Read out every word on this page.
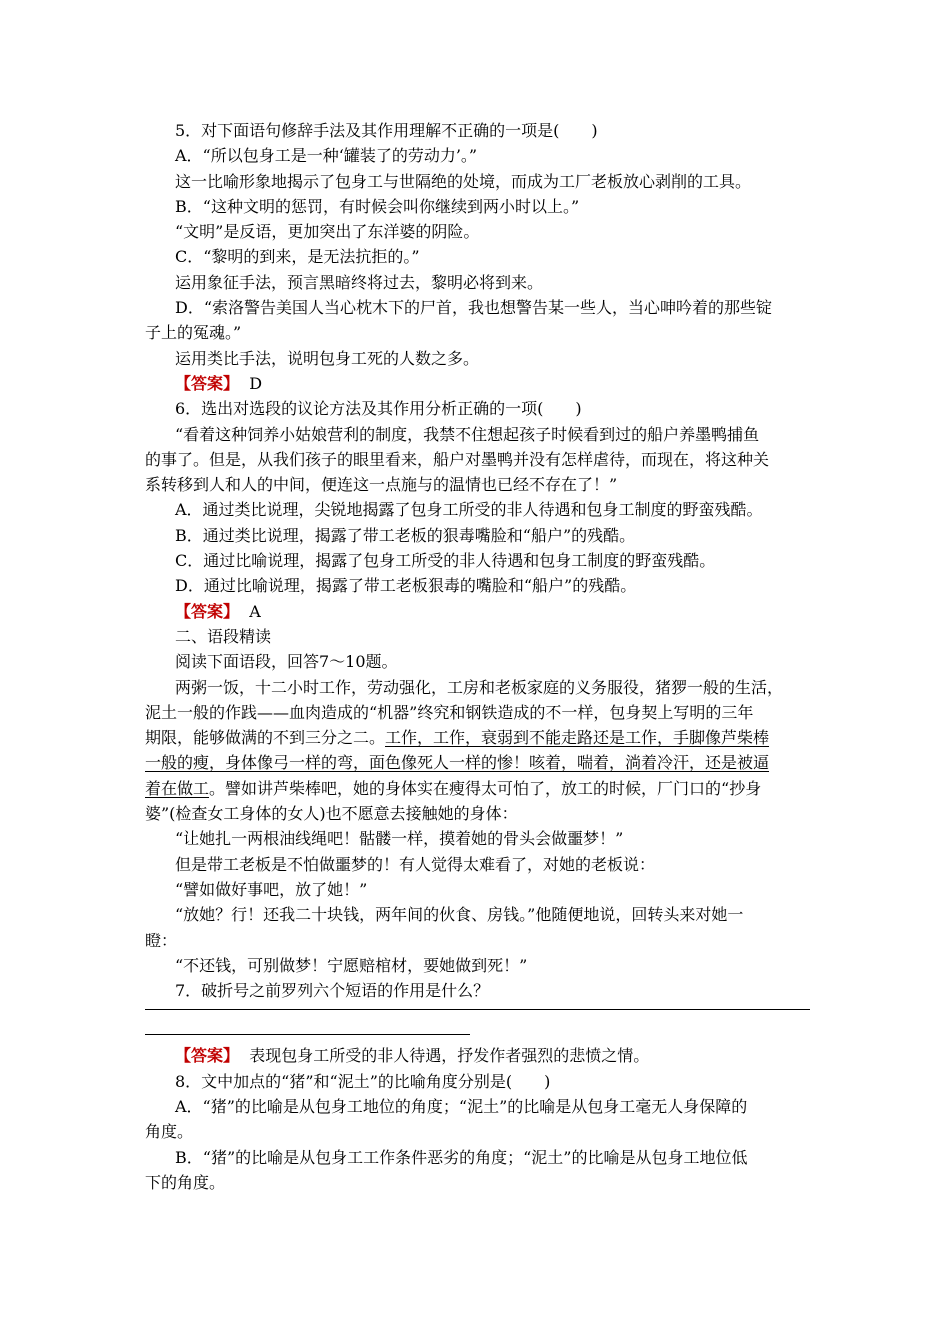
5．对下面语句修辞手法及其作用理解不正确的一项是(　　)
A．“所以包身工是一种‘罐装了的劳动力’。”
这一比喻形象地揭示了包身工与世隔绝的处境，而成为工厂老板放心剥削的工具。
B．“这种文明的惩罚，有时候会叫你继续到两小时以上。”
“文明”是反语，更加突出了东洋婆的阴险。
C．“黎明的到来，是无法抗拒的。”
运用象征手法，预言黑暗终将过去，黎明必将到来。
D．“索洛警告美国人当心枕木下的尸首，我也想警告某一些人，当心呻吟着的那些锭
子上的冤魂。”
运用类比手法，说明包身工死的人数之多。
【答案】 D
6．选出对选段的议论方法及其作用分析正确的一项(　　)
“看着这种饲养小姑娘营利的制度，我禁不住想起孩子时候看到过的船户养墨鸭捕鱼
的事了。但是，从我们孩子的眼里看来，船户对墨鸭并没有怎样虐待，而现在，将这种关
系转移到人和人的中间，便连这一点施与的温情也已经不存在了！”
A．通过类比说理，尖锐地揭露了包身工所受的非人待遇和包身工制度的野蛮残酷。
B．通过类比说理，揭露了带工老板的狠毒嘴脸和“船户”的残酷。
C．通过比喻说理，揭露了包身工所受的非人待遇和包身工制度的野蛮残酷。
D．通过比喻说理，揭露了带工老板狠毒的嘴脸和“船户”的残酷。
【答案】 A
二、语段精读
阅读下面语段，回答7～10题。
两粥一饭，十二小时工作，劳动强化，工房和老板家庭的义务服役，猪猡一般的生活，
泥土一般的作践——血肉造成的“机器”终究和钢铁造成的不一样，包身契上写明的三年
期限，能够做满的不到三分之二。工作，工作，衰弱到不能走路还是工作，手脚像芦柴棒
一般的瘦，身体像弓一样的弯，面色像死人一样的惨！咳着，喘着，淌着冷汗，还是被逼
着在做工。譬如讲芦柴棒吧，她的身体实在瘦得太可怕了，放工的时候，厂门口的“抄身
婆”(检查女工身体的女人)也不愿意去接触她的身体：
“让她扎一两根油线绳吧！骷髅一样，摸着她的骨头会做噩梦！”
但是带工老板是不怕做噩梦的！有人觉得太难看了，对她的老板说：
“譬如做好事吧，放了她！”
“放她？行！还我二十块钱，两年间的伙食、房钱。”他随便地说，回转头来对她一
瞪：
“不还钱，可别做梦！宁愿赔棺材，要她做到死！”
7．破折号之前罗列六个短语的作用是什么？
【答案】 表现包身工所受的非人待遇，抒发作者强烈的悲愤之情。
8．文中加点的“猪”和“泥土”的比喻角度分别是(　　)
A．“猪”的比喻是从包身工地位的角度；“泥土”的比喻是从包身工毫无人身保障的
角度。
B．“猪”的比喻是从包身工工作条件恶劣的角度；“泥土”的比喻是从包身工地位低
下的角度。
